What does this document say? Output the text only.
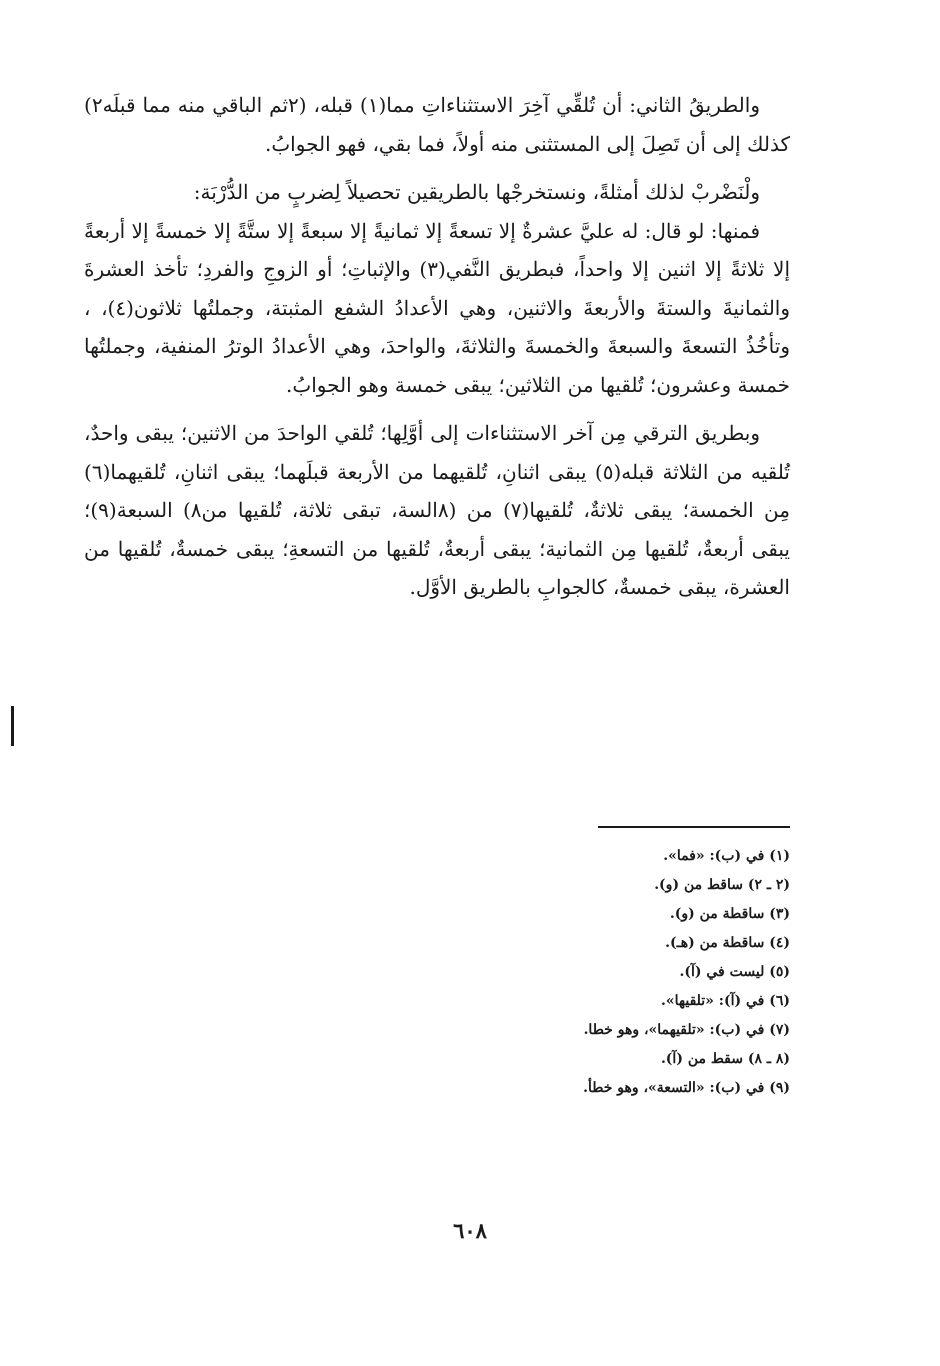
والطريقُ الثاني: أن تُلقِّي آخِرَ الاستثناءاتِ مما(١) قبله، (٢ثم الباقي منه مما قبلَه٢) كذلك إلى أن تَصِلَ إلى المستثنى منه أولاً، فما بقي، فهو الجوابُ.

ولْنَضْربْ لذلك أمثلةً، ونستخرجْها بالطريقين تحصيلاً لِضربٍ من الدُّرْبَة:

فمنها: لو قال: له عليَّ عشرةٌ إلا تسعةً إلا ثمانيةً إلا سبعةً إلا ستَّةً إلا خمسةً إلا أربعةً إلا ثلاثةً إلا اثنين إلا واحداً، فبطريق النَّفي(٣) والإثباتِ؛ أو الزوجِ والفردِ؛ تأخذ العشرةَ والثمانيةَ والستةَ والأربعةَ والاثنين، وهي الأعدادُ الشفع المثبتة، وجملتُها ثلاثون(٤)، ، وتأخُذُ التسعةَ والسبعةَ والخمسةَ والثلاثةَ، والواحدَ، وهي الأعدادُ الوترُ المنفية، وجملتُها خمسة وعشرون؛ تُلقيها من الثلاثين؛ يبقى خمسة وهو الجوابُ.

وبطريق الترقي مِن آخر الاستثناءات إلى أوَّلِها؛ تُلقي الواحدَ من الاثنين؛ يبقى واحدٌ، تُلقيه من الثلاثة قبله(٥) يبقى اثنانِ، تُلقيهما من الأربعة قبلَهما؛ يبقى اثنانِ، تُلقيهما(٦) مِن الخمسة؛ يبقى ثلاثةٌ، تُلقيها(٧) من (٨السة، تبقى ثلاثة، تُلقيها من٨) السبعة(٩)؛ يبقى أربعةٌ، تُلقيها مِن الثمانية؛ يبقى أربعةٌ، تُلقيها من التسعةِ؛ يبقى خمسةٌ، تُلقيها من العشرة، يبقى خمسةٌ، كالجوابِ بالطريق الأوَّل.

(١) في (ب): «فما».
(٢ ـ ٢) ساقط من (و).
(٣) ساقطة من (و).
(٤) ساقطة من (هـ).
(٥) ليست في (آ).
(٦) في (آ): «تلقيها».
(٧) في (ب): «تلقيهما»، وهو خطا.
(٨ ـ ٨) سقط من (آ).
(٩) في (ب): «التسعة»، وهو خطأ.
٦٠٨
